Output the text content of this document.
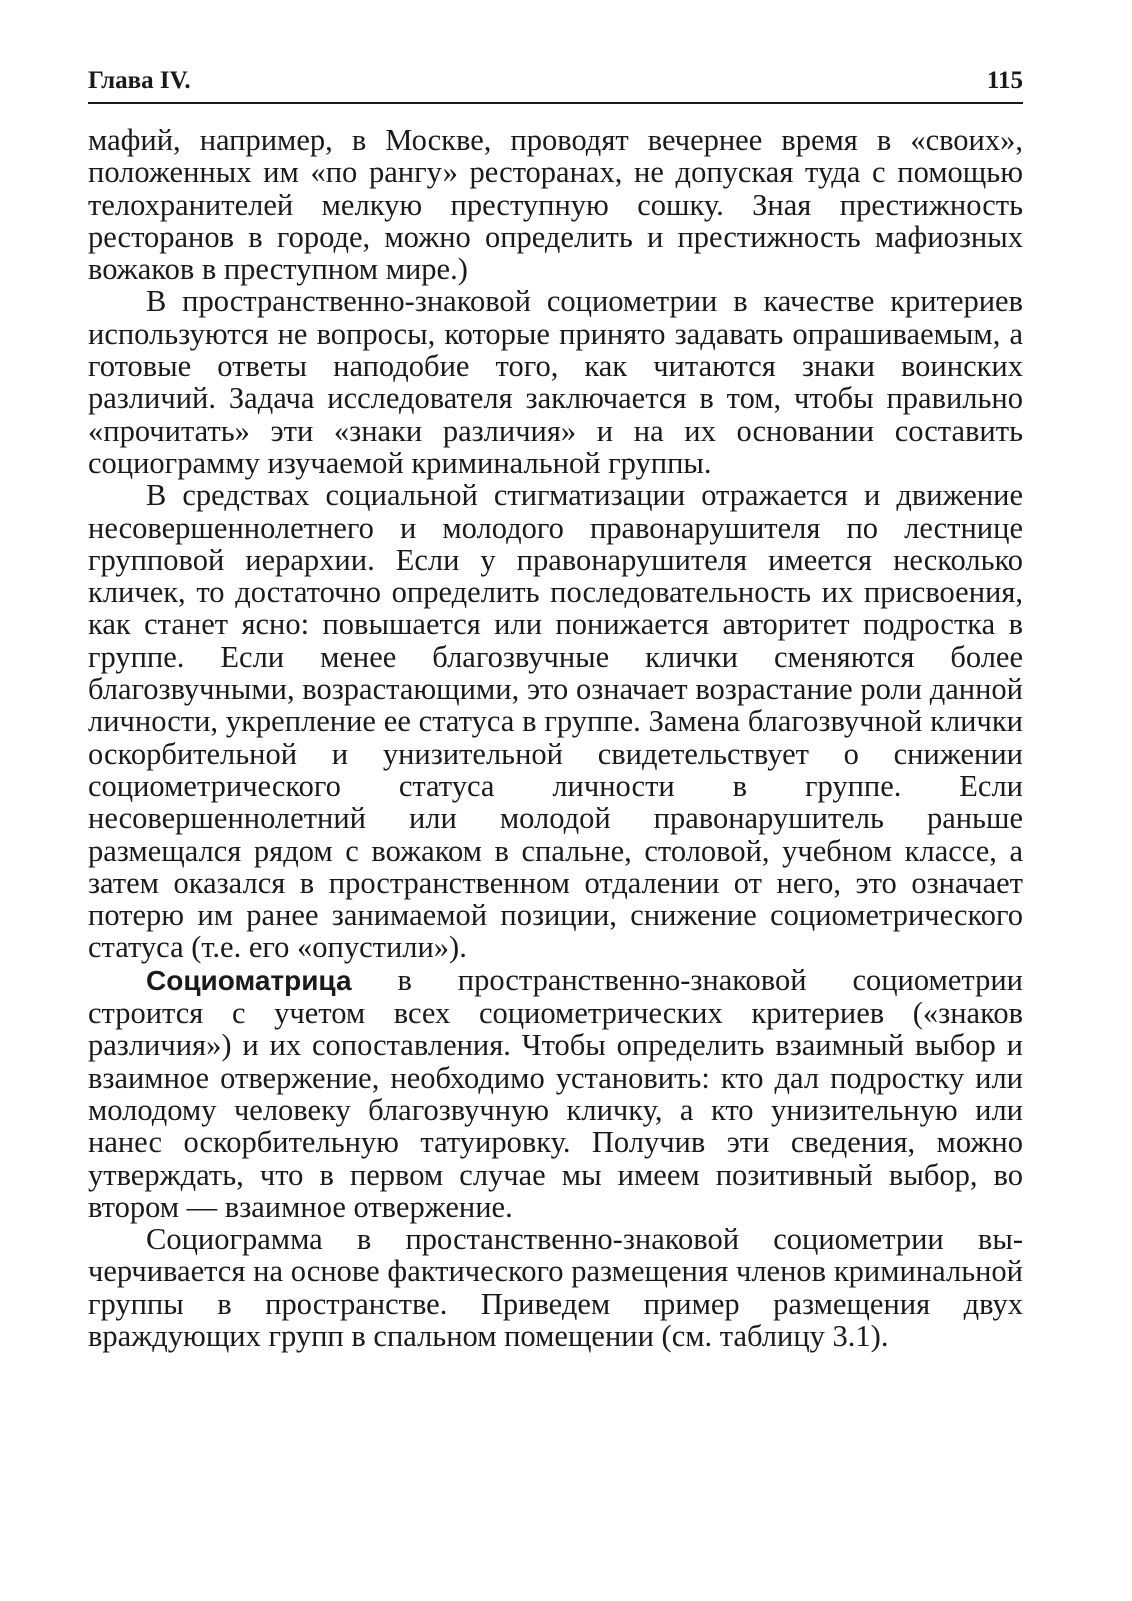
Глава IV.	115

мафий, например, в Москве, проводят вечернее время в «своих», положенных им «по рангу» ресторанах, не допуская туда с помощью телохранителей мелкую преступную сошку. Зная престижность ресторанов в городе, можно определить и престижность мафиозных вожаков в преступном мире.)

В пространственно-знаковой социометрии в качестве критериев используются не вопросы, которые принято задавать опрашиваемым, а готовые ответы наподобие того, как читаются знаки воинских различий. Задача исследователя заключается в том, чтобы правильно «прочитать» эти «знаки различия» и на их основании составить социограмму изучаемой криминальной группы.

В средствах социальной стигматизации отражается и движение несовершеннолетнего и молодого правонарушителя по лестнице групповой иерархии. Если у правонарушителя имеется несколько кличек, то достаточно определить последовательность их присвоения, как станет ясно: повышается или понижается авторитет подростка в группе. Если менее благозвучные клички сменяются более благозвучными, возрастающими, это означает возрастание роли данной личности, укрепление ее статуса в группе. Замена благозвучной клички оскорбительной и унизительной свидетельствует о снижении социометрического статуса личности в группе. Если несовершеннолетний или молодой правонарушитель раньше размещался рядом с вожаком в спальне, столовой, учебном классе, а затем оказался в пространственном отдалении от него, это означает потерю им ранее занимаемой позиции, снижение социометрического статуса (т.е. его «опустили»).

Социоматрица в пространственно-знаковой социометрии строится с учетом всех социометрических критериев («знаков различия») и их сопоставления. Чтобы определить взаимный выбор и взаимное отвержение, необходимо установить: кто дал подростку или молодому человеку благозвучную кличку, а кто унизительную или нанес оскорбительную татуировку. Получив эти сведения, можно утверждать, что в первом случае мы имеем позитивный выбор, во втором — взаимное отвержение.

Социограмма в простанственно-знаковой социометрии вычерчивается на основе фактического размещения членов криминальной группы в пространстве. Приведем пример размещения двух враждующих групп в спальном помещении (см. таблицу 3.1).
